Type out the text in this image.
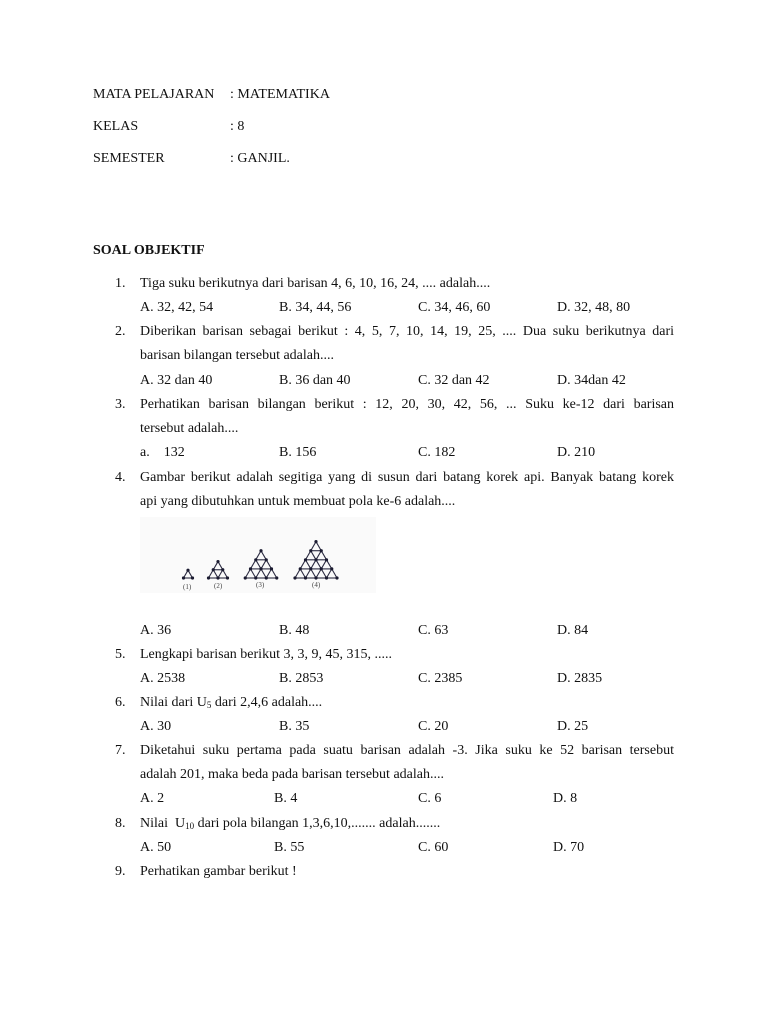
MATA PELAJARAN : MATEMATIKA
KELAS	: 8
SEMESTER	: GANJIL.
SOAL OBJEKTIF
1. Tiga suku berikutnya dari barisan 4, 6, 10, 16, 24, .... adalah....
A. 32, 42, 54	B. 34, 44, 56	C. 34, 46, 60	D. 32, 48, 80
2. Diberikan barisan sebagai berikut : 4, 5, 7, 10, 14, 19, 25, .... Dua suku berikutnya dari
barisan bilangan tersebut adalah....
A. 32 dan 40	B. 36 dan 40	C. 32 dan 42	D. 34dan 42
3. Perhatikan barisan bilangan berikut : 12, 20, 30, 42, 56, ... Suku ke-12 dari barisan
tersebut adalah....
a.    132	B. 156	C. 182	D. 210
4. Gambar berikut adalah segitiga yang di susun dari batang korek api. Banyak batang korek
api yang dibutuhkan untuk membuat pola ke-6 adalah....
(1)	(2)	(3)	(4)
A. 36	B. 48	C. 63	D. 84
5. Lengkapi barisan berikut 3, 3, 9, 45, 315, .....
A. 2538	B. 2853	C. 2385	D. 2835
6. Nilai dari $U_5$ dari 2,4,6 adalah....
A. 30	B. 35	C. 20	D. 25
7. Diketahui suku pertama pada suatu barisan adalah -3. Jika suku ke 52 barisan tersebut
adalah 201, maka beda pada barisan tersebut adalah....
A. 2	B. 4	C. 6	D. 8
8. Nilai  $U_{10}$ dari pola bilangan 1,3,6,10,....... adalah.......
A. 50	B. 55	C. 60	D. 70
9. Perhatikan gambar berikut !
